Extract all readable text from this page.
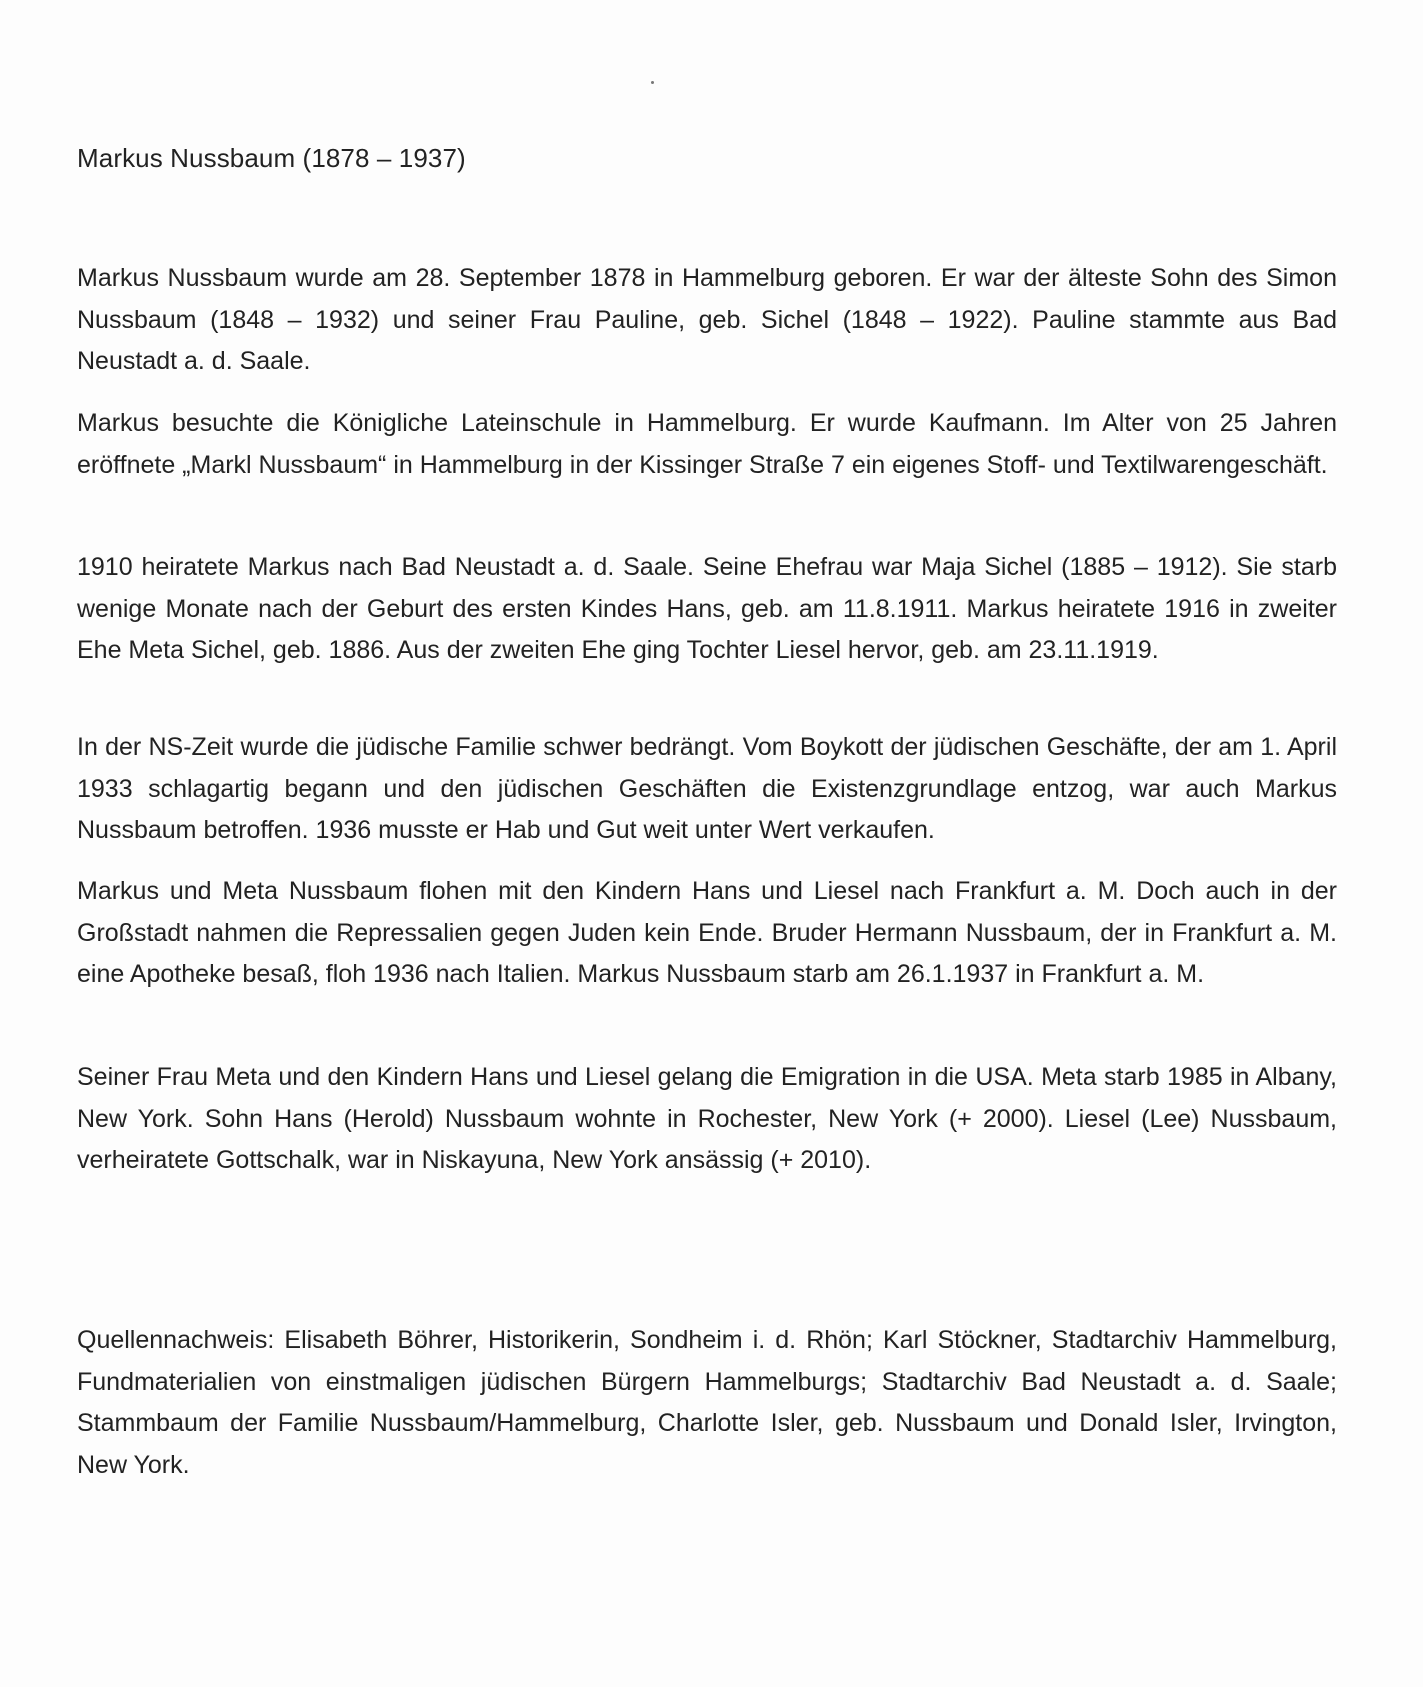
Markus Nussbaum (1878 – 1937)

Markus Nussbaum wurde am 28. September 1878 in Hammelburg geboren. Er war der älteste Sohn des Simon Nussbaum (1848 – 1932) und seiner Frau Pauline, geb. Sichel (1848 – 1922). Pauline stammte aus Bad Neustadt a. d. Saale.

Markus besuchte die Königliche Lateinschule in Hammelburg. Er wurde Kaufmann. Im Alter von 25 Jahren eröffnete „Markl Nussbaum“ in Hammelburg in der Kissinger Straße 7 ein eigenes Stoff- und Textilwarengeschäft.

1910 heiratete Markus nach Bad Neustadt a. d. Saale. Seine Ehefrau war Maja Sichel (1885 – 1912). Sie starb wenige Monate nach der Geburt des ersten Kindes Hans, geb. am 11.8.1911. Markus heiratete 1916 in zweiter Ehe Meta Sichel, geb. 1886. Aus der zweiten Ehe ging Tochter Liesel hervor, geb. am 23.11.1919.

In der NS-Zeit wurde die jüdische Familie schwer bedrängt. Vom Boykott der jüdischen Geschäfte, der am 1. April 1933 schlagartig begann und den jüdischen Geschäften die Existenzgrundlage entzog, war auch Markus Nussbaum betroffen. 1936 musste er Hab und Gut weit unter Wert verkaufen.

Markus und Meta Nussbaum flohen mit den Kindern Hans und Liesel nach Frankfurt a. M. Doch auch in der Großstadt nahmen die Repressalien gegen Juden kein Ende. Bruder Hermann Nussbaum, der in Frankfurt a. M. eine Apotheke besaß, floh 1936 nach Italien. Markus Nussbaum starb am 26.1.1937 in Frankfurt a. M.

Seiner Frau Meta und den Kindern Hans und Liesel gelang die Emigration in die USA. Meta starb 1985 in Albany, New York. Sohn Hans (Herold) Nussbaum wohnte in Rochester, New York (+ 2000). Liesel (Lee) Nussbaum, verheiratete Gottschalk, war in Niskayuna, New York ansässig (+ 2010).

Quellennachweis: Elisabeth Böhrer, Historikerin, Sondheim i. d. Rhön; Karl Stöckner, Stadtarchiv Hammelburg, Fundmaterialien von einstmaligen jüdischen Bürgern Hammelburgs; Stadtarchiv Bad Neustadt a. d. Saale; Stammbaum der Familie Nussbaum/Hammelburg, Charlotte Isler, geb. Nussbaum und Donald Isler, Irvington, New York.
